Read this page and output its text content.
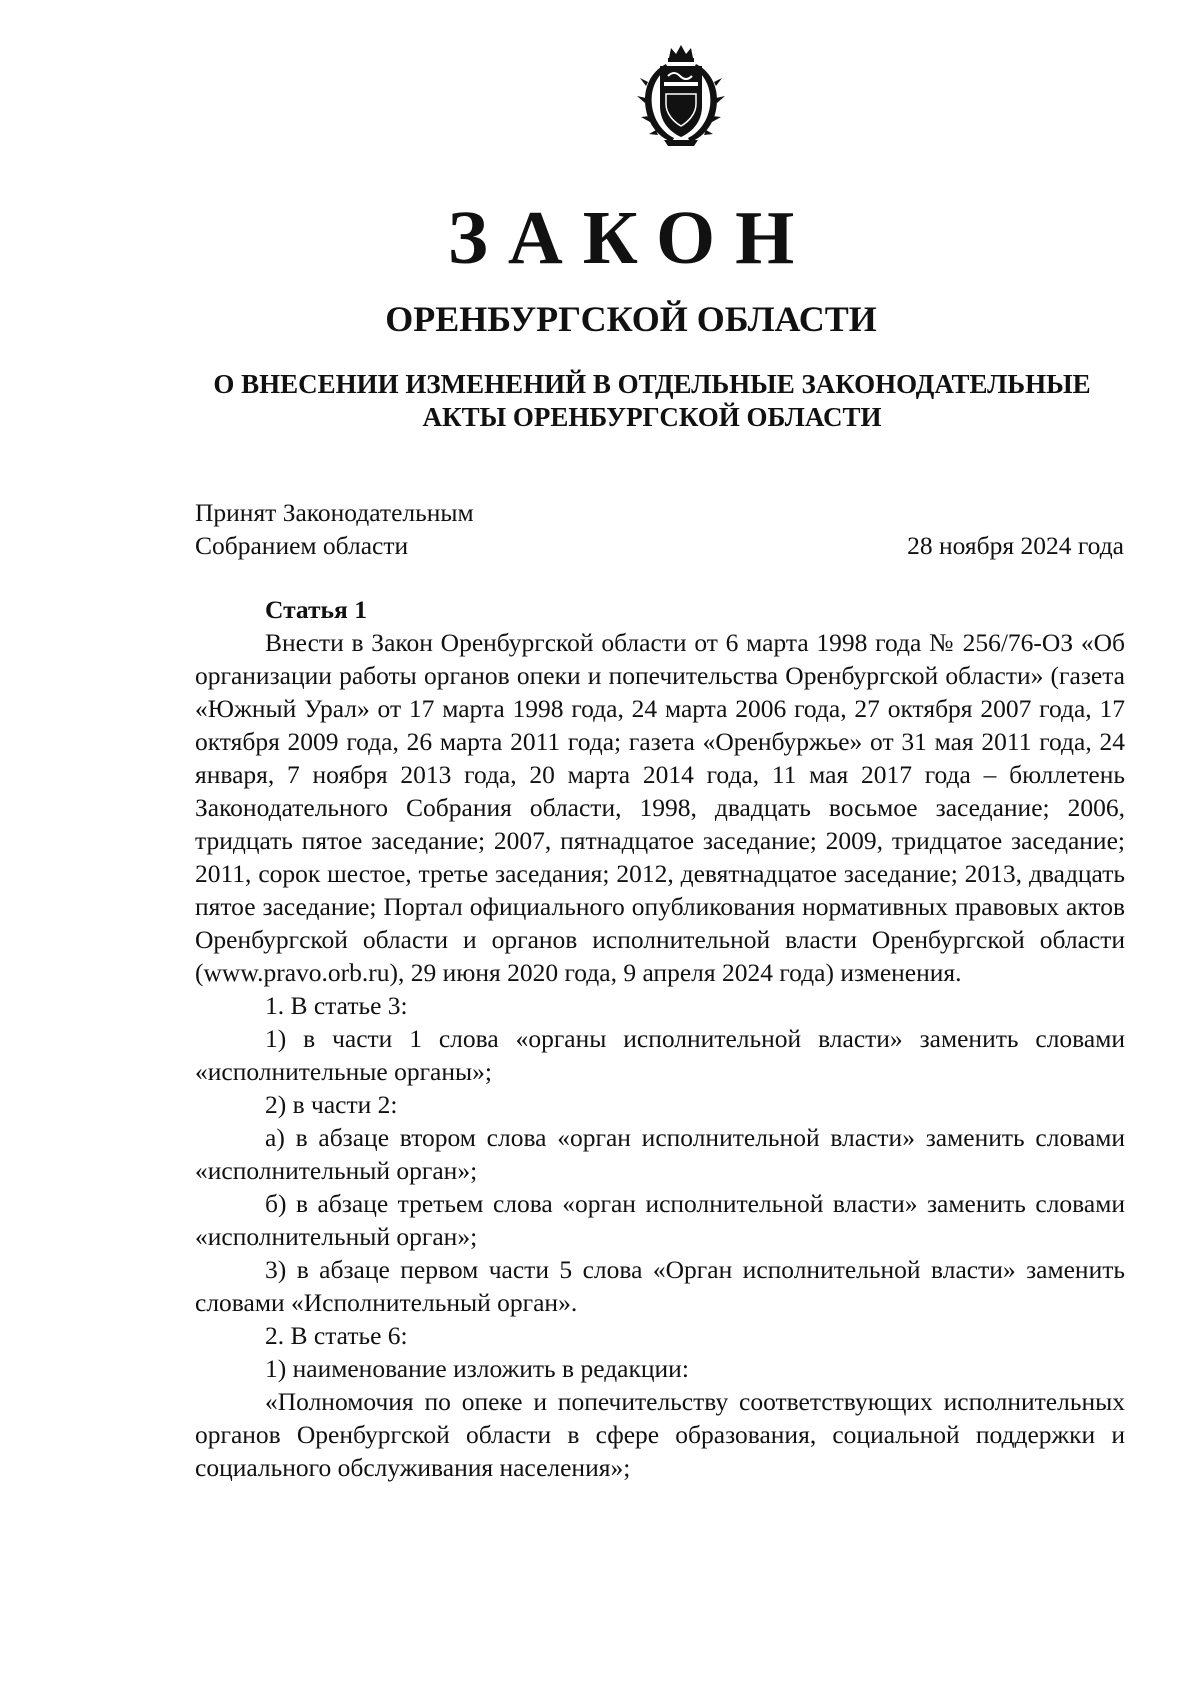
ЗАКОН
ОРЕНБУРГСКОЙ ОБЛАСТИ
О ВНЕСЕНИИ ИЗМЕНЕНИЙ В ОТДЕЛЬНЫЕ ЗАКОНОДАТЕЛЬНЫЕ
АКТЫ ОРЕНБУРГСКОЙ ОБЛАСТИ
Принят Законодательным
Собранием области	28 ноября 2024 года

Статья 1

Внести в Закон Оренбургской области от 6 марта 1998 года № 256/76-ОЗ «Об организации работы органов опеки и попечительства Оренбургской области» (газета «Южный Урал» от 17 марта 1998 года, 24 марта 2006 года, 27 октября 2007 года, 17 октября 2009 года, 26 марта 2011 года; газета «Оренбуржье» от 31 мая 2011 года, 24 января, 7 ноября 2013 года, 20 марта 2014 года, 11 мая 2017 года – бюллетень Законодательного Собрания области, 1998, двадцать восьмое заседание; 2006, тридцать пятое заседание; 2007, пятнадцатое заседание; 2009, тридцатое заседание; 2011, сорок шестое, третье заседания; 2012, девятнадцатое заседание; 2013, двадцать пятое заседание; Портал официального опубликования нормативных правовых актов Оренбургской области и органов исполнительной власти Оренбургской области (www.pravo.orb.ru), 29 июня 2020 года, 9 апреля 2024 года) изменения.

1. В статье 3:

1) в части 1 слова «органы исполнительной власти» заменить словами «исполнительные органы»;

2) в части 2:

а) в абзаце втором слова «орган исполнительной власти» заменить словами «исполнительный орган»;

б) в абзаце третьем слова «орган исполнительной власти» заменить словами «исполнительный орган»;

3) в абзаце первом части 5 слова «Орган исполнительной власти» заменить словами «Исполнительный орган».

2. В статье 6:

1) наименование изложить в редакции:

«Полномочия по опеке и попечительству соответствующих исполнительных органов Оренбургской области в сфере образования, социальной поддержки и социального обслуживания населения»;
